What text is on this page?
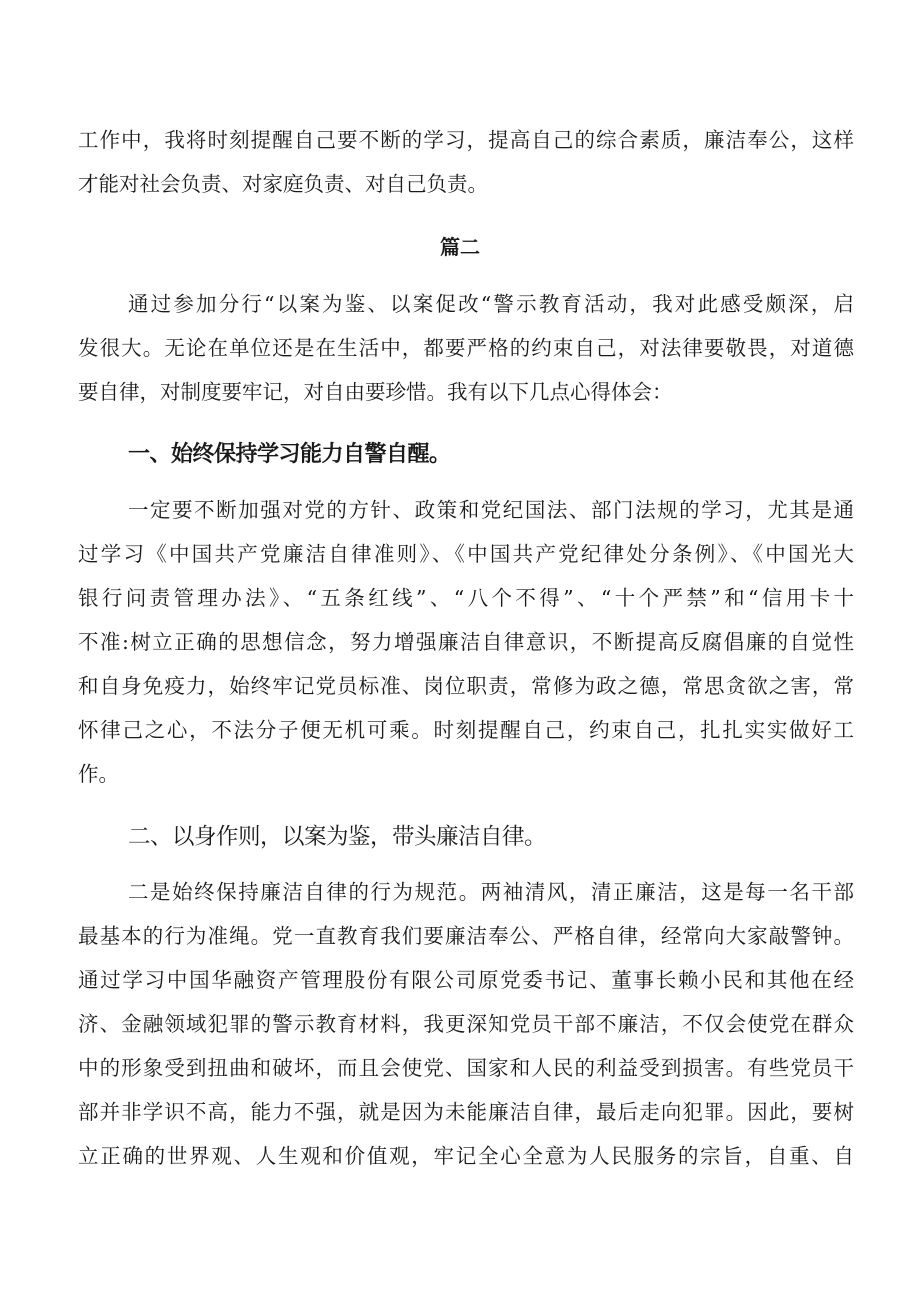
工作中，我将时刻提醒自己要不断的学习，提高自己的综合素质，廉洁奉公，这样
才能对社会负责、对家庭负责、对自己负责。
篇二
通过参加分行“以案为鉴、以案促改“警示教育活动，我对此感受颇深，启
发很大。无论在单位还是在生活中，都要严格的约束自己，对法律要敬畏，对道德
要自律，对制度要牢记，对自由要珍惜。我有以下几点心得体会：
一、始终保持学习能力自警自醒。
一定要不断加强对党的方针、政策和党纪国法、部门法规的学习，尤其是通
过学习《中国共产党廉洁自律准则》、《中国共产党纪律处分条例》、《中国光大
银行问责管理办法》、“五条红线”、“八个不得”、“十个严禁”和“信用卡十
不准:树立正确的思想信念，努力增强廉洁自律意识，不断提高反腐倡廉的自觉性
和自身免疫力，始终牢记党员标准、岗位职责，常修为政之德，常思贪欲之害，常
怀律己之心，不法分子便无机可乘。时刻提醒自己，约束自己，扎扎实实做好工
作。
二、以身作则，以案为鉴，带头廉洁自律。
二是始终保持廉洁自律的行为规范。两袖清风，清正廉洁，这是每一名干部
最基本的行为准绳。党一直教育我们要廉洁奉公、严格自律，经常向大家敲警钟。
通过学习中国华融资产管理股份有限公司原党委书记、董事长赖小民和其他在经
济、金融领域犯罪的警示教育材料，我更深知党员干部不廉洁，不仅会使党在群众
中的形象受到扭曲和破坏，而且会使党、国家和人民的利益受到损害。有些党员干
部并非学识不高，能力不强，就是因为未能廉洁自律，最后走向犯罪。因此，要树
立正确的世界观、人生观和价值观，牢记全心全意为人民服务的宗旨，自重、自
